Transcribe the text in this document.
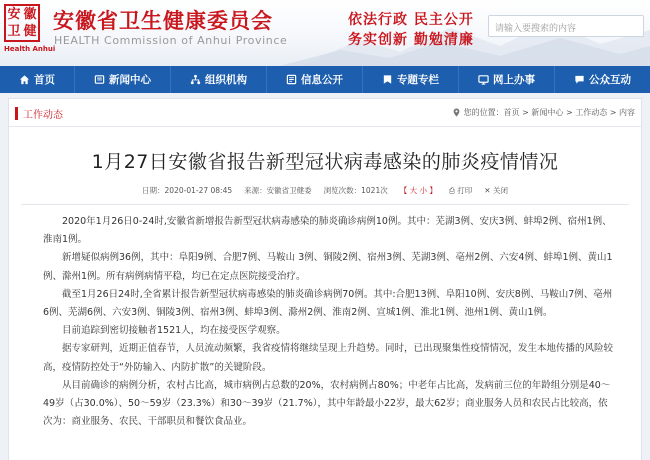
安 徽
卫 健
Health Anhui
安徽省卫生健康委员会
HEALTH Commission of Anhui Province
依法行政 民主公开
务实创新 勤勉清廉
请输入要搜索的内容
首页	新闻中心	组织机构	信息公开	专题专栏	网上办事	公众互动
工作动态	您的位置：首页 > 新闻中心 > 工作动态 > 内容
1月27日安徽省报告新型冠状病毒感染的肺炎疫情情况
日期：2020-01-27 08:45 来源：安徽省卫健委 浏览次数：1021次 【 大 小 】 ⎙ 打印 ✕ 关闭

2020年1月26日0-24时,安徽省新增报告新型冠状病毒感染的肺炎确诊病例10例。其中：芜湖3例、安庆3例、蚌埠2例、宿州1例、淮南1例。

新增疑似病例36例，其中：阜阳9例、合肥7例、马鞍山 3例、铜陵2例、宿州3例、芜湖3例、亳州2例、六安4例、蚌埠1例、黄山1例、滁州1例。所有病例病情平稳，均已在定点医院接受治疗。

截至1月26日24时,全省累计报告新型冠状病毒感染的肺炎确诊病例70例。其中:合肥13例、阜阳10例、安庆8例、马鞍山7例、亳州6例、芜湖6例、六安3例、铜陵3例、宿州3例、蚌埠3例、滁州2例、淮南2例、宣城1例、淮北1例、池州1例、黄山1例。

目前追踪到密切接触者1521人，均在接受医学观察。

据专家研判，近期正值春节，人员流动频繁，我省疫情将继续呈现上升趋势。同时，已出现聚集性疫情情况，发生本地传播的风险较高，疫情防控处于“外防输入、内防扩散”的关键阶段。

从目前确诊的病例分析，农村占比高，城市病例占总数的20%，农村病例占80%；中老年占比高，发病前三位的年龄组分别是40～49岁（占30.0%）、50～59岁（23.3%）和30～39岁（21.7%），其中年龄最小22岁，最大62岁；商业服务人员和农民占比较高，依次为：商业服务、农民、干部职员和餐饮食品业。
